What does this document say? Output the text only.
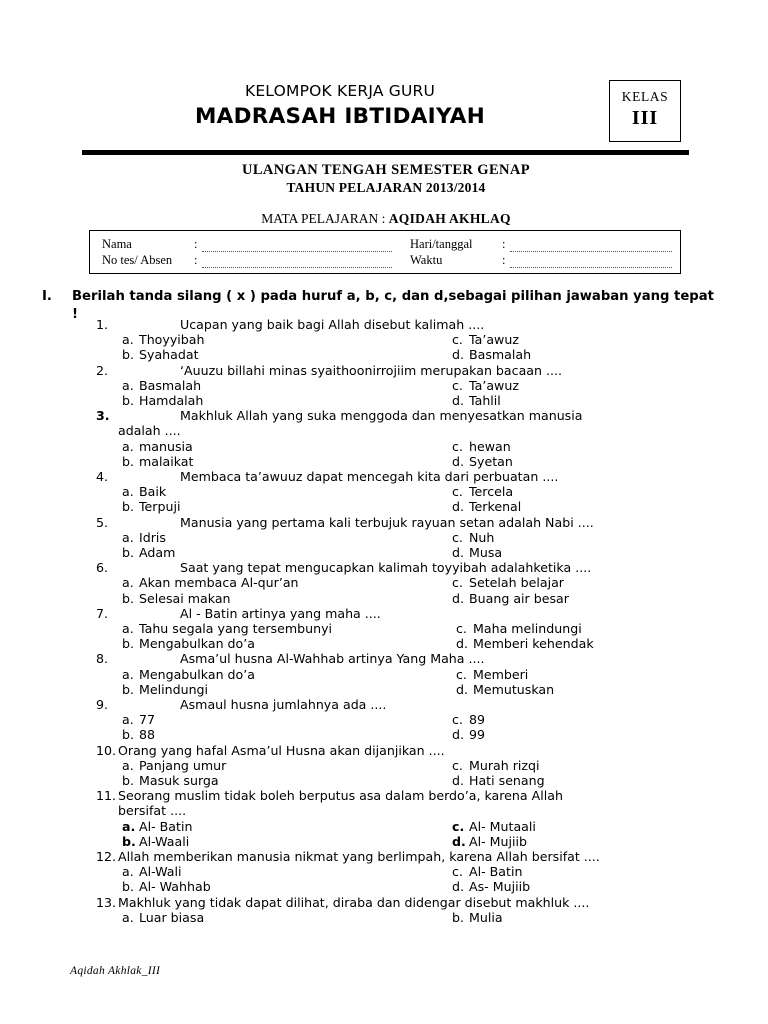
KELOMPOK KERJA GURU
MADRASAH IBTIDAIYAH
KELAS
III
ULANGAN TENGAH SEMESTER GENAP
TAHUN PELAJARAN 2013/2014
MATA PELAJARAN : AQIDAH AKHLAQ
Nama	:
No tes/ Absen	:
Hari/tanggal	:
Waktu	:
I.	Berilah tanda silang ( x ) pada huruf a, b, c, dan d,sebagai pilihan jawaban yang tepat !
1.	Ucapan yang baik bagi Allah disebut kalimah ....
a. Thoyyibah
b. Syahadat
c. Ta’awuz
d. Basmalah
2.	‘Auuzu billahi minas syaithoonirrojiim merupakan bacaan ....
a. Basmalah
b. Hamdalah
c. Ta’awuz
d. Tahlil
3.	Makhluk Allah yang suka menggoda dan menyesatkan manusia
adalah ....
a. manusia
b. malaikat
c. hewan
d. Syetan
4.	Membaca ta’awuuz dapat mencegah kita dari perbuatan ....
a. Baik
b. Terpuji
c. Tercela
d. Terkenal
5.	Manusia yang pertama kali terbujuk rayuan setan adalah Nabi ....
a. Idris
b. Adam
c. Nuh
d. Musa
6.	Saat yang tepat mengucapkan kalimah toyyibah adalahketika ....
a. Akan membaca Al-qur’an
b. Selesai makan
c. Setelah belajar
d. Buang air besar
7.	Al - Batin artinya yang maha ....
a. Tahu segala yang tersembunyi
b. Mengabulkan do’a
c. Maha melindungi
d. Memberi kehendak
8.	Asma’ul husna Al-Wahhab artinya Yang Maha ....
a. Mengabulkan do’a
b. Melindungi
c. Memberi
d. Memutuskan
9.	Asmaul husna jumlahnya ada ....
a. 77
b. 88
c. 89
d. 99
10. Orang yang hafal Asma’ul Husna akan dijanjikan ....
a. Panjang umur
b. Masuk surga
c. Murah rizqi
d. Hati senang
11. Seorang muslim tidak boleh berputus asa dalam berdo’a, karena Allah
bersifat ....
a. Al- Batin
b. Al-Waali
c. Al- Mutaali
d. Al- Mujiib
12. Allah memberikan manusia nikmat yang berlimpah, karena Allah bersifat ....
a. Al-Wali
b. Al- Wahhab
c. Al- Batin
d. As- Mujiib
13. Makhluk yang tidak dapat dilihat, diraba dan didengar disebut makhluk ....
a. Luar biasa	b. Mulia
Aqidah Akhlak_III
